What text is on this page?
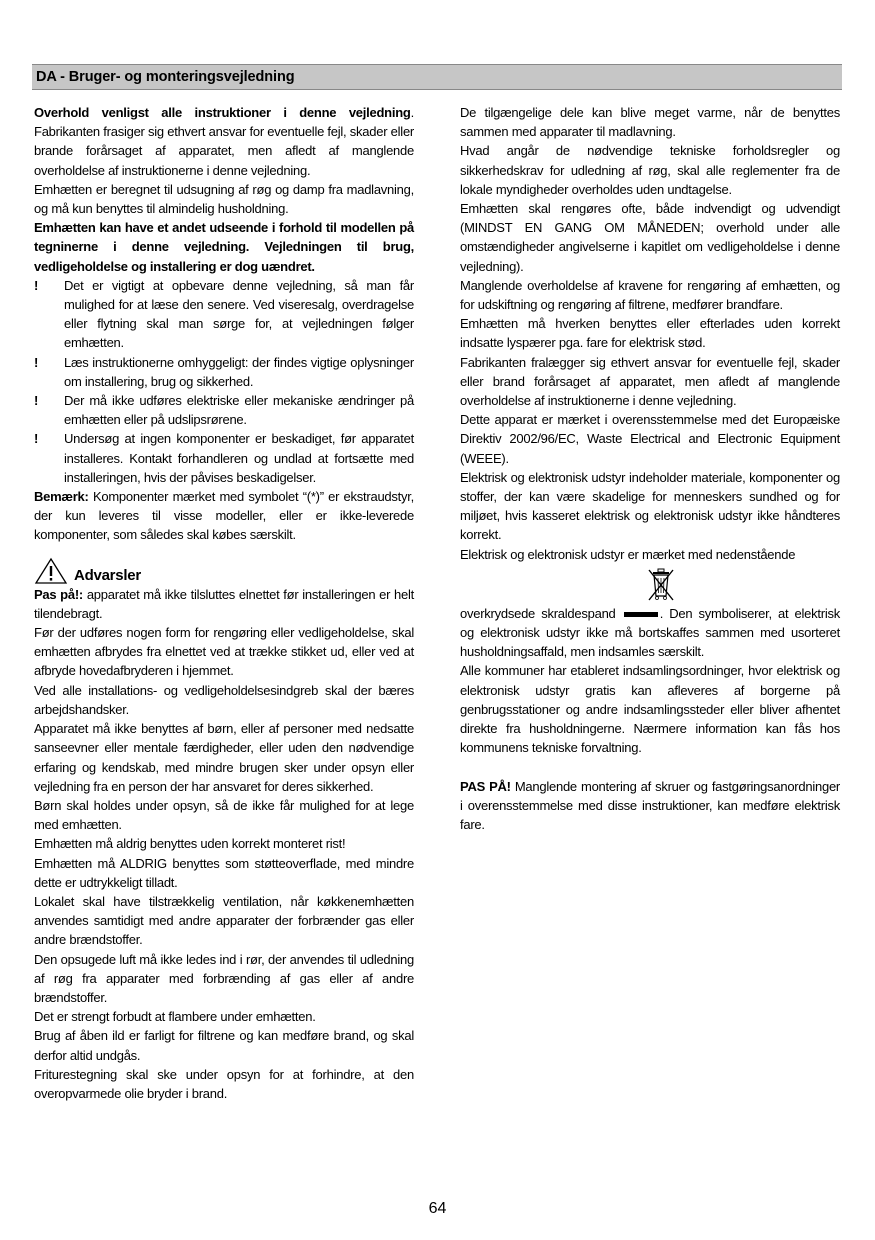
DA - Bruger- og monteringsvejledning

Overhold venligst alle instruktioner i denne vejledning. Fabrikanten frasiger sig ethvert ansvar for eventuelle fejl, skader eller brande forårsaget af apparatet, men afledt af manglende overholdelse af instruktionerne i denne vejledning.

Emhætten er beregnet til udsugning af røg og damp fra madlavning, og må kun benyttes til almindelig husholdning.

Emhætten kan have et andet udseende i forhold til modellen på tegninerne i denne vejledning. Vejledningen til brug, vedligeholdelse og installering er dog uændret.

!	Det er vigtigt at opbevare denne vejledning, så man får mulighed for at læse den senere. Ved viseresalg, overdragelse eller flytning skal man sørge for, at vejledningen følger emhætten.
!	Læs instruktionerne omhyggeligt: der findes vigtige oplysninger om installering, brug og sikkerhed.
!	Der må ikke udføres elektriske eller mekaniske ændringer på emhætten eller på udslipsrørene.
!	Undersøg at ingen komponenter er beskadiget, før apparatet installeres. Kontakt forhandleren og undlad at fortsætte med installeringen, hvis der påvises beskadigelser.

Bemærk: Komponenter mærket med symbolet “(*)” er ekstraudstyr, der kun leveres til visse modeller, eller er ikke-leverede komponenter, som således skal købes særskilt.

Advarsler

Pas på!: apparatet må ikke tilsluttes elnettet før installeringen er helt tilendebragt.

Før der udføres nogen form for rengøring eller vedligeholdelse, skal emhætten afbrydes fra elnettet ved at trække stikket ud, eller ved at afbryde hovedafbryderen i hjemmet.

Ved alle installations- og vedligeholdelsesindgreb skal der bæres arbejdshandsker.

Apparatet må ikke benyttes af børn, eller af personer med nedsatte sanseevner eller mentale færdigheder, eller uden den nødvendige erfaring og kendskab, med mindre brugen sker under opsyn eller vejledning fra en person der har ansvaret for deres sikkerhed.

Børn skal holdes under opsyn, så de ikke får mulighed for at lege med emhætten.

Emhætten må aldrig benyttes uden korrekt monteret rist!

Emhætten må ALDRIG benyttes som støtteoverflade, med mindre dette er udtrykkeligt tilladt.

Lokalet skal have tilstrækkelig ventilation, når køkkenemhætten anvendes samtidigt med andre apparater der forbrænder gas eller andre brændstoffer.

Den opsugede luft må ikke ledes ind i rør, der anvendes til udledning af røg fra apparater med forbrænding af gas eller af andre brændstoffer.

Det er strengt forbudt at flambere under emhætten.

Brug af åben ild er farligt for filtrene og kan medføre brand, og skal derfor altid undgås.

Friturestegning skal ske under opsyn for at forhindre, at den overopvarmede olie bryder i brand.

De tilgængelige dele kan blive meget varme, når de benyttes sammen med apparater til madlavning.

Hvad angår de nødvendige tekniske forholdsregler og sikkerhedskrav for udledning af røg, skal alle reglementer fra de lokale myndigheder overholdes uden undtagelse.

Emhætten skal rengøres ofte, både indvendigt og udvendigt (MINDST EN GANG OM MÅNEDEN; overhold under alle omstændigheder angivelserne i kapitlet om vedligeholdelse i denne vejledning).

Manglende overholdelse af kravene for rengøring af emhætten, og for udskiftning og rengøring af filtrene, medfører brandfare.

Emhætten må hverken benyttes eller efterlades uden korrekt indsatte lyspærer pga. fare for elektrisk stød.

Fabrikanten fralægger sig ethvert ansvar for eventuelle fejl, skader eller brand forårsaget af apparatet, men afledt af manglende overholdelse af instruktionerne i denne vejledning.

Dette apparat er mærket i overensstemmelse med det Europæiske Direktiv 2002/96/EC, Waste Electrical and Electronic Equipment (WEEE).

Elektrisk og elektronisk udstyr indeholder materiale, komponenter og stoffer, der kan være skadelige for menneskers sundhed og for miljøet, hvis kasseret elektrisk og elektronisk udstyr ikke håndteres korrekt.

Elektrisk og elektronisk udstyr er mærket med nedenstående

overkrydsede skraldespand	. Den symboliserer, at elektrisk og elektronisk udstyr ikke må bortskaffes sammen med usorteret husholdningsaffald, men indsamles særskilt.

Alle kommuner har etableret indsamlingsordninger, hvor elektrisk og elektronisk udstyr gratis kan afleveres af borgerne på genbrugsstationer og andre indsamlingssteder eller bliver afhentet direkte fra husholdningerne. Nærmere information kan fås hos kommunens tekniske forvaltning.

PAS PÅ! Manglende montering af skruer og fastgøringsanordninger i overensstemmelse med disse instruktioner, kan medføre elektrisk fare.

64
